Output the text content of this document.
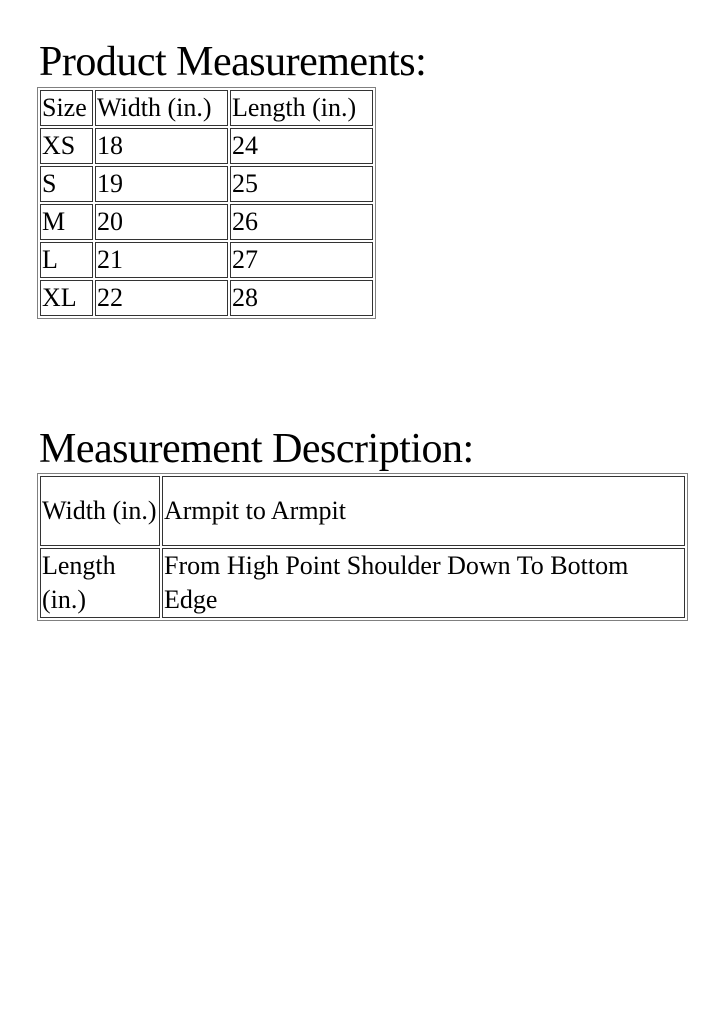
Product Measurements:
Size	Width (in.)	Length (in.)
XS	18	24
S	19	25
M	20	26
L	21	27
XL	22	28
Measurement Description:
Width (in.)	Armpit to Armpit
Length (in.)	From High Point Shoulder Down To Bottom Edge
